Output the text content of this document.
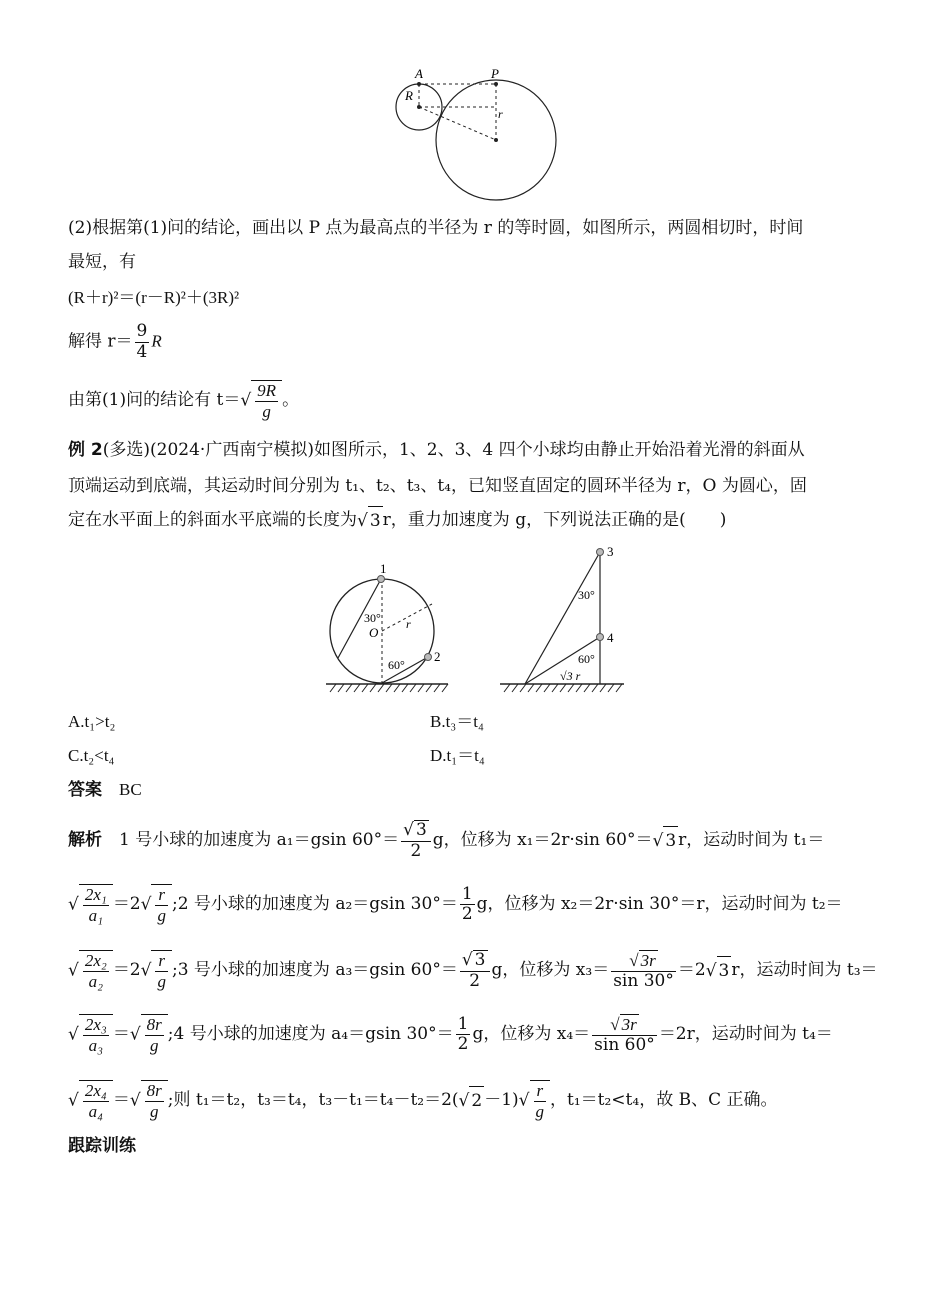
A	P
R
r
(2)根据第(1)问的结论，画出以 P 点为最高点的半径为 r 的等时圆，如图所示，两圆相切时，时间
最短，有
(R＋r)²＝(r－R)²＋(3R)²
解得 $r= \frac{9}{4}$ R
由第(1)问的结论有 $t=√ \frac{9R}{g}$ 。
例 2(多选)(2024·广西南宁模拟)如图所示，1、2、3、4 四个小球均由静止开始沿着光滑的斜面从
顶端运动到底端，其运动时间分别为 t₁、t₂、t₃、t₄，已知竖直固定的圆环半径为 r，O 为圆心，固
定在水平面上的斜面水平底端的长度为√ 3 r，重力加速度为 g，下列说法正确的是(　　)
1
2
30°
O
r
60°
3
4
30°
60°
√3 r
A.t₁>t₂	B.t₃＝t₄
C.t₂<t₄	D.t₁＝t₄
答案　 BC
解析　 1 号小球的加速度为 a₁＝gsin $60^\circ= \frac{√ 3}{2}$ g，位移为 x₁＝2r·sin 60°＝√ 3 r，运动时间为 t₁＝
√ $\frac{\text{2x₁}}{\text{a₁}} =2√ \frac{r}{g}$ ;2 号小球的加速度为 a₂＝gsin $30^\circ= \frac{1}{2}$ g，位移为 x₂＝2r·sin 30°＝r，运动时间为 t₂＝
√ $\frac{\text{2x₂}}{\text{a₂}} =2√ \frac{r}{g}$ ;3 号小球的加速度为 a₃＝gsin $60^\circ= \frac{√ 3}{2}$ g，位移为 $x_3= \frac{√ 3r}{\sin 30^\circ} =2√$ 3 r，运动时间为 t₃＝
√ $\frac{\text{2x₃}}{\text{a₃}}$ ＝√ $\frac{8r}{g}$ ;4 号小球的加速度为 a₄＝gsin $30^\circ= \frac{1}{2}$ g，位移为 $x_4= \frac{√ 3r}{\sin 60^\circ} =2r$，运动时间为 t₄＝
√ $\frac{\text{2x₄}}{\text{a₄}}$ ＝√ $\frac{8r}{g}$ ;则 t₁＝t₂，t₃＝t₄，t₃－t₁＝t₄－t₂＝2(√ $2 -1)√ \frac{r}{g}$ ，t₁＝t₂<t₄，故 B、C 正确。
跟踪训练
